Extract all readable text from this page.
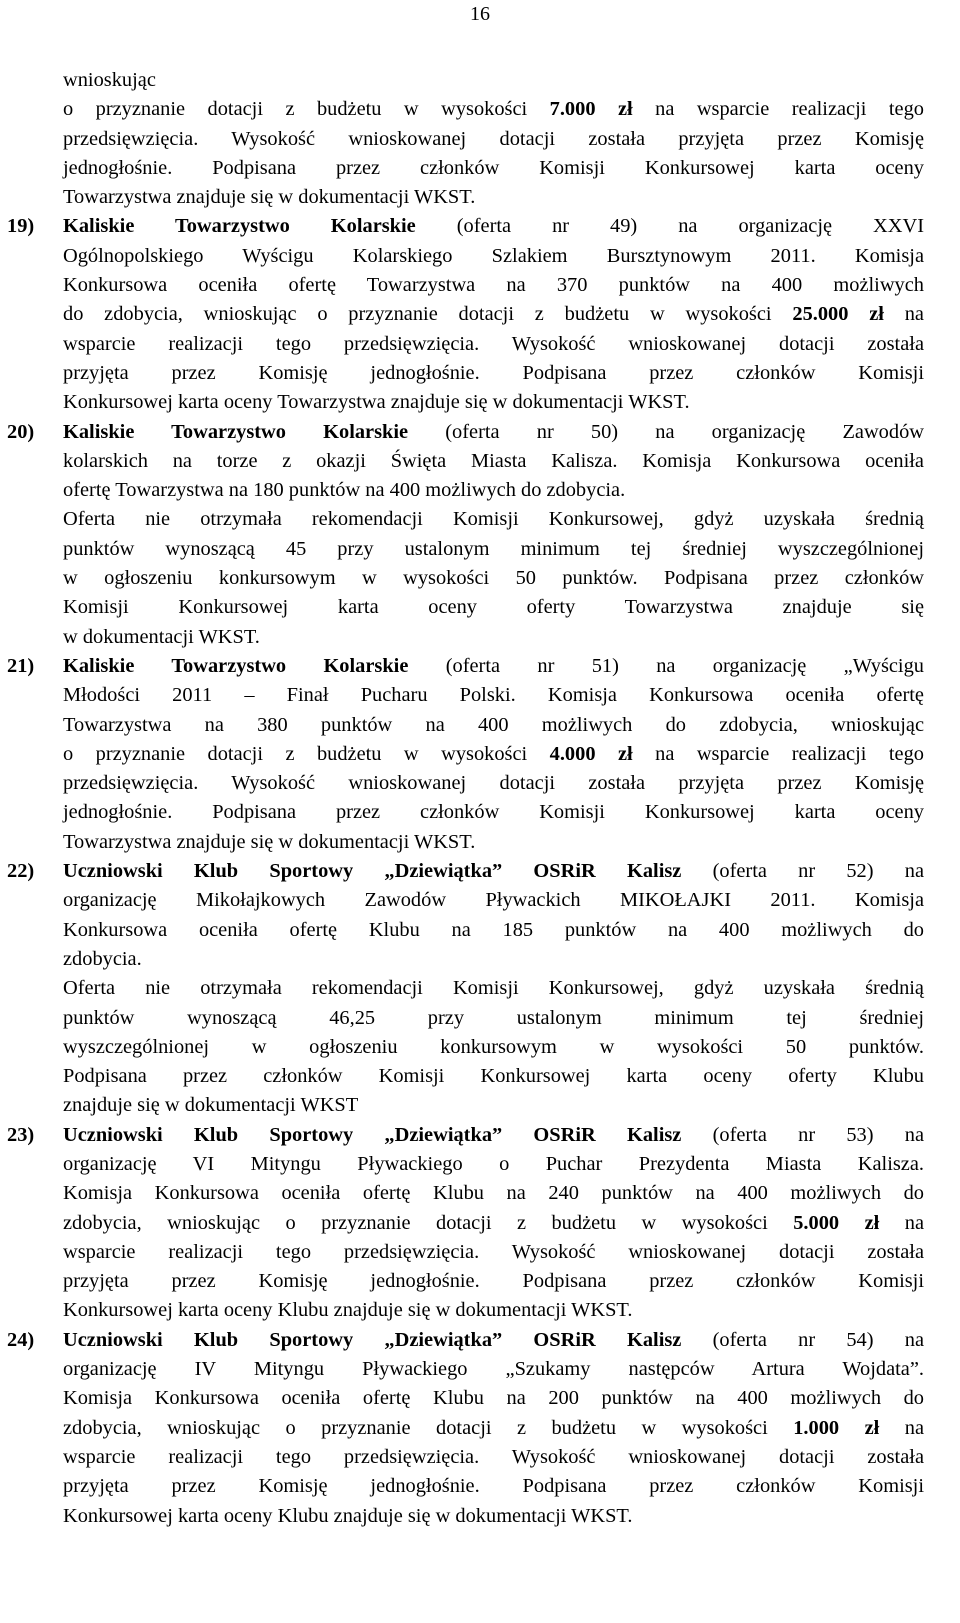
16
wnioskując
o przyznanie dotacji z budżetu w wysokości 7.000 zł na wsparcie realizacji tego
przedsięwzięcia. Wysokość wnioskowanej dotacji została przyjęta przez Komisję
jednogłośnie. Podpisana przez członków Komisji Konkursowej karta oceny
Towarzystwa znajduje się w dokumentacji WKST.
19) Kaliskie Towarzystwo Kolarskie (oferta nr 49) na organizację XXVI
Ogólnopolskiego Wyścigu Kolarskiego Szlakiem Bursztynowym 2011. Komisja
Konkursowa oceniła ofertę Towarzystwa na 370 punktów na 400 możliwych
do zdobycia, wnioskując o przyznanie dotacji z budżetu w wysokości 25.000 zł na
wsparcie realizacji tego przedsięwzięcia. Wysokość wnioskowanej dotacji została
przyjęta przez Komisję jednogłośnie. Podpisana przez członków Komisji
Konkursowej karta oceny Towarzystwa znajduje się w dokumentacji WKST.
20) Kaliskie Towarzystwo Kolarskie (oferta nr 50) na organizację Zawodów
kolarskich na torze z okazji Święta Miasta Kalisza. Komisja Konkursowa oceniła
ofertę Towarzystwa na 180 punktów na 400 możliwych do zdobycia.
Oferta nie otrzymała rekomendacji Komisji Konkursowej, gdyż uzyskała średnią
punktów wynoszącą 45 przy ustalonym minimum tej średniej wyszczególnionej
w ogłoszeniu konkursowym w wysokości 50 punktów. Podpisana przez członków
Komisji Konkursowej karta oceny oferty Towarzystwa znajduje się
w dokumentacji WKST.
21) Kaliskie Towarzystwo Kolarskie (oferta nr 51) na organizację „Wyścigu
Młodości 2011 – Finał Pucharu Polski. Komisja Konkursowa oceniła ofertę
Towarzystwa na 380 punktów na 400 możliwych do zdobycia, wnioskując
o przyznanie dotacji z budżetu w wysokości 4.000 zł na wsparcie realizacji tego
przedsięwzięcia. Wysokość wnioskowanej dotacji została przyjęta przez Komisję
jednogłośnie. Podpisana przez członków Komisji Konkursowej karta oceny
Towarzystwa znajduje się w dokumentacji WKST.
22) Uczniowski Klub Sportowy „Dziewiątka” OSRiR Kalisz (oferta nr 52) na
organizację Mikołajkowych Zawodów Pływackich MIKOŁAJKI 2011. Komisja
Konkursowa oceniła ofertę Klubu na 185 punktów na 400 możliwych do
zdobycia.
Oferta nie otrzymała rekomendacji Komisji Konkursowej, gdyż uzyskała średnią
punktów wynoszącą 46,25 przy ustalonym minimum tej średniej
wyszczególnionej w ogłoszeniu konkursowym w wysokości 50 punktów.
Podpisana przez członków Komisji Konkursowej karta oceny oferty Klubu
znajduje się w dokumentacji WKST
23) Uczniowski Klub Sportowy „Dziewiątka” OSRiR Kalisz (oferta nr 53) na
organizację VI Mityngu Pływackiego o Puchar Prezydenta Miasta Kalisza.
Komisja Konkursowa oceniła ofertę Klubu na 240 punktów na 400 możliwych do
zdobycia, wnioskując o przyznanie dotacji z budżetu w wysokości 5.000 zł na
wsparcie realizacji tego przedsięwzięcia. Wysokość wnioskowanej dotacji została
przyjęta przez Komisję jednogłośnie. Podpisana przez członków Komisji
Konkursowej karta oceny Klubu znajduje się w dokumentacji WKST.
24) Uczniowski Klub Sportowy „Dziewiątka” OSRiR Kalisz (oferta nr 54) na
organizację IV Mityngu Pływackiego „Szukamy następców Artura Wojdata”.
Komisja Konkursowa oceniła ofertę Klubu na 200 punktów na 400 możliwych do
zdobycia, wnioskując o przyznanie dotacji z budżetu w wysokości 1.000 zł na
wsparcie realizacji tego przedsięwzięcia. Wysokość wnioskowanej dotacji została
przyjęta przez Komisję jednogłośnie. Podpisana przez członków Komisji
Konkursowej karta oceny Klubu znajduje się w dokumentacji WKST.
